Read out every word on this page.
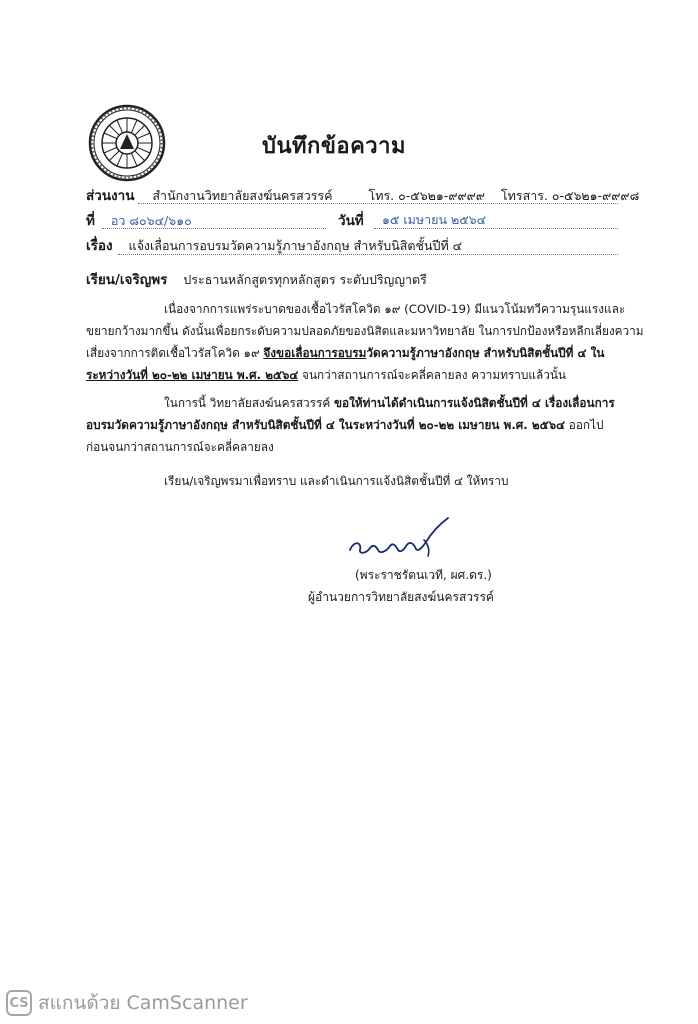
บันทึกข้อความ
ส่วนงาน สำนักงานวิทยาลัยสงฆ์นครสวรรค์	โทร. ๐-๕๖๒๑-๙๙๙๙ โทรสาร. ๐-๕๖๒๑-๙๙๙๘
ที่ อว ๘๐๖๔/๖๑๐	วันที่ ๑๕ เมษายน ๒๕๖๔
เรื่อง แจ้งเลื่อนการอบรมวัดความรู้ภาษาอังกฤษ สำหรับนิสิตชั้นปีที่ ๔
เรียน/เจริญพร ประธานหลักสูตรทุกหลักสูตร ระดับปริญญาตรี
เนื่องจากการแพร่ระบาดของเชื้อไวรัสโควิด ๑๙ (COVID-19) มีแนวโน้มทวีความรุนแรงและ
ขยายกว้างมากขึ้น ดังนั้นเพื่อยกระดับความปลอดภัยของนิสิตและมหาวิทยาลัย ในการปกป้องหรือหลีกเลี่ยงความ
เสี่ยงจากการติดเชื้อไวรัสโควิด ๑๙ จึงขอเลื่อนการอบรมวัดความรู้ภาษาอังกฤษ สำหรับนิสิตชั้นปีที่ ๔ ใน
ระหว่างวันที่ ๒๐-๒๒ เมษายน พ.ศ. ๒๕๖๔ จนกว่าสถานการณ์จะคลี่คลายลง ความทราบแล้วนั้น
ในการนี้ วิทยาลัยสงฆ์นครสวรรค์ ขอให้ท่านได้ดำเนินการแจ้งนิสิตชั้นปีที่ ๔ เรื่องเลื่อนการ
อบรมวัดความรู้ภาษาอังกฤษ สำหรับนิสิตชั้นปีที่ ๔ ในระหว่างวันที่ ๒๐-๒๒ เมษายน พ.ศ. ๒๕๖๔ ออกไป
ก่อนจนกว่าสถานการณ์จะคลี่คลายลง
เรียน/เจริญพรมาเพื่อทราบ และดำเนินการแจ้งนิสิตชั้นปีที่ ๔ ให้ทราบ
(พระราชรัตนเวที, ผศ.ดร.)
ผู้อำนวยการวิทยาลัยสงฆ์นครสวรรค์
CS สแกนด้วย CamScanner
